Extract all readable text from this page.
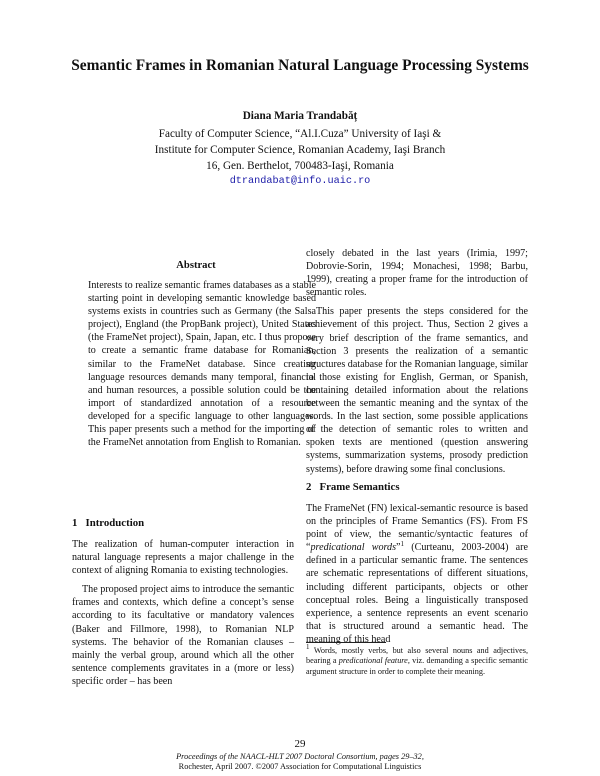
Semantic Frames in Romanian Natural Language Processing Systems
Diana Maria Trandabăț
Faculty of Computer Science, “Al.I.Cuza” University of Iaşi &
Institute for Computer Science, Romanian Academy, Iaşi Branch
16, Gen. Berthelot, 700483-Iaşi, Romania
dtrandabat@info.uaic.ro
Abstract
Interests to realize semantic frames databases as a stable starting point in developing semantic knowledge based systems exists in countries such as Germany (the Salsa project), England (the PropBank project), United States (the FrameNet project), Spain, Japan, etc. I thus propose to create a semantic frame database for Romanian, similar to the FrameNet database. Since creating language resources demands many temporal, financial and human resources, a possible solution could be the import of standardized annotation of a resource developed for a specific language to other languages. This paper presents such a method for the importing of the FrameNet annotation from English to Romanian.
1   Introduction

The realization of human-computer interaction in natural language represents a major challenge in the context of aligning Romania to existing technologies.

The proposed project aims to introduce the semantic frames and contexts, which define a concept’s sense according to its facultative or mandatory valences (Baker and Fillmore, 1998), to Romanian NLP systems. The behavior of the Romanian clauses – mainly the verbal group, around which all the other sentence complements gravitates in a (more or less) specific order – has been

closely debated in the last years (Irimia, 1997; Dobrovie-Sorin, 1994; Monachesi, 1998; Barbu, 1999), creating a proper frame for the introduction of semantic roles.

This paper presents the steps considered for the achievement of this project. Thus, Section 2 gives a very brief description of the frame semantics, and Section 3 presents the realization of a semantic structures database for the Romanian language, similar to those existing for English, German, or Spanish, containing detailed information about the relations between the semantic meaning and the syntax of the words. In the last section, some possible applications of the detection of semantic roles to written and spoken texts are mentioned (question answering systems, summarization systems, prosody prediction systems), before drawing some final conclusions.

2   Frame Semantics
The FrameNet (FN) lexical-semantic resource is based on the principles of Frame Semantics (FS). From FS point of view, the semantic/syntactic features of “predicational words”$^1$ (Curteanu, 2003-2004) are defined in a particular semantic frame. The sentences are schematic representations of different situations, including different participants, objects or other conceptual roles. Being a linguistically transposed experience, a sentence represents an event scenario that is structured around a semantic head. The meaning of this head
$^1$ Words, mostly verbs, but also several nouns and adjectives, bearing a predicational feature, viz. demanding a specific semantic argument structure in order to complete their meaning.
29
Proceedings of the NAACL-HLT 2007 Doctoral Consortium, pages 29–32,
Rochester, April 2007. ©2007 Association for Computational Linguistics
